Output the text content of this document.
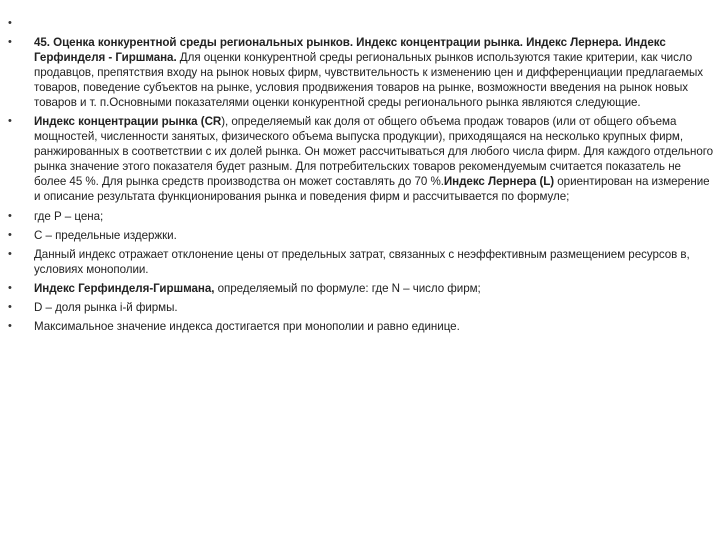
•
•	45. Оценка конкурентной среды региональных рынков. Индекс концентрации рынка. Индекс Лернера. Индекс Герфинделя - Гиршмана. Для оценки конкурентной среды региональных рынков используются такие критерии, как число продавцов, препятствия входу на рынок новых фирм, чувствительность к изменению цен и дифференциации предлагаемых товаров, поведение субъектов на рынке, условия продвижения товаров на рынке, возможности введения на рынок новых товаров и т. п.Основными показателями оценки конкурентной среды регионального рынка являются следующие.
•	Индекс концентрации рынка (CR), определяемый как доля от общего объема продаж товаров (или от общего объема мощностей, численности занятых, физического объема выпуска продукции), приходящаяся на несколько крупных фирм, ранжированных в соответствии с их долей рынка. Он может рассчитываться для любого числа фирм. Для каждого отдельного рынка значение этого показателя будет разным. Для потребительских товаров рекомендуемым считается показатель не более 45 %. Для рынка средств производства он может составлять до 70 %.Индекс Лернера (L) ориентирован на измерение и описание результата функционирования рынка и поведения фирм и рассчитывается по формуле;
•	где Р – цена;
•	С – предельные издержки.
•	Данный индекс отражает отклонение цены от предельных затрат, связанных с неэффективным размещением ресурсов в, условиях монополии.
•	Индекс Герфинделя-Гиршмана, определяемый по формуле: где N – число фирм;
•	D – доля рынка i-й фирмы.
•	Максимальное значение индекса достигается при монополии и равно единице.
